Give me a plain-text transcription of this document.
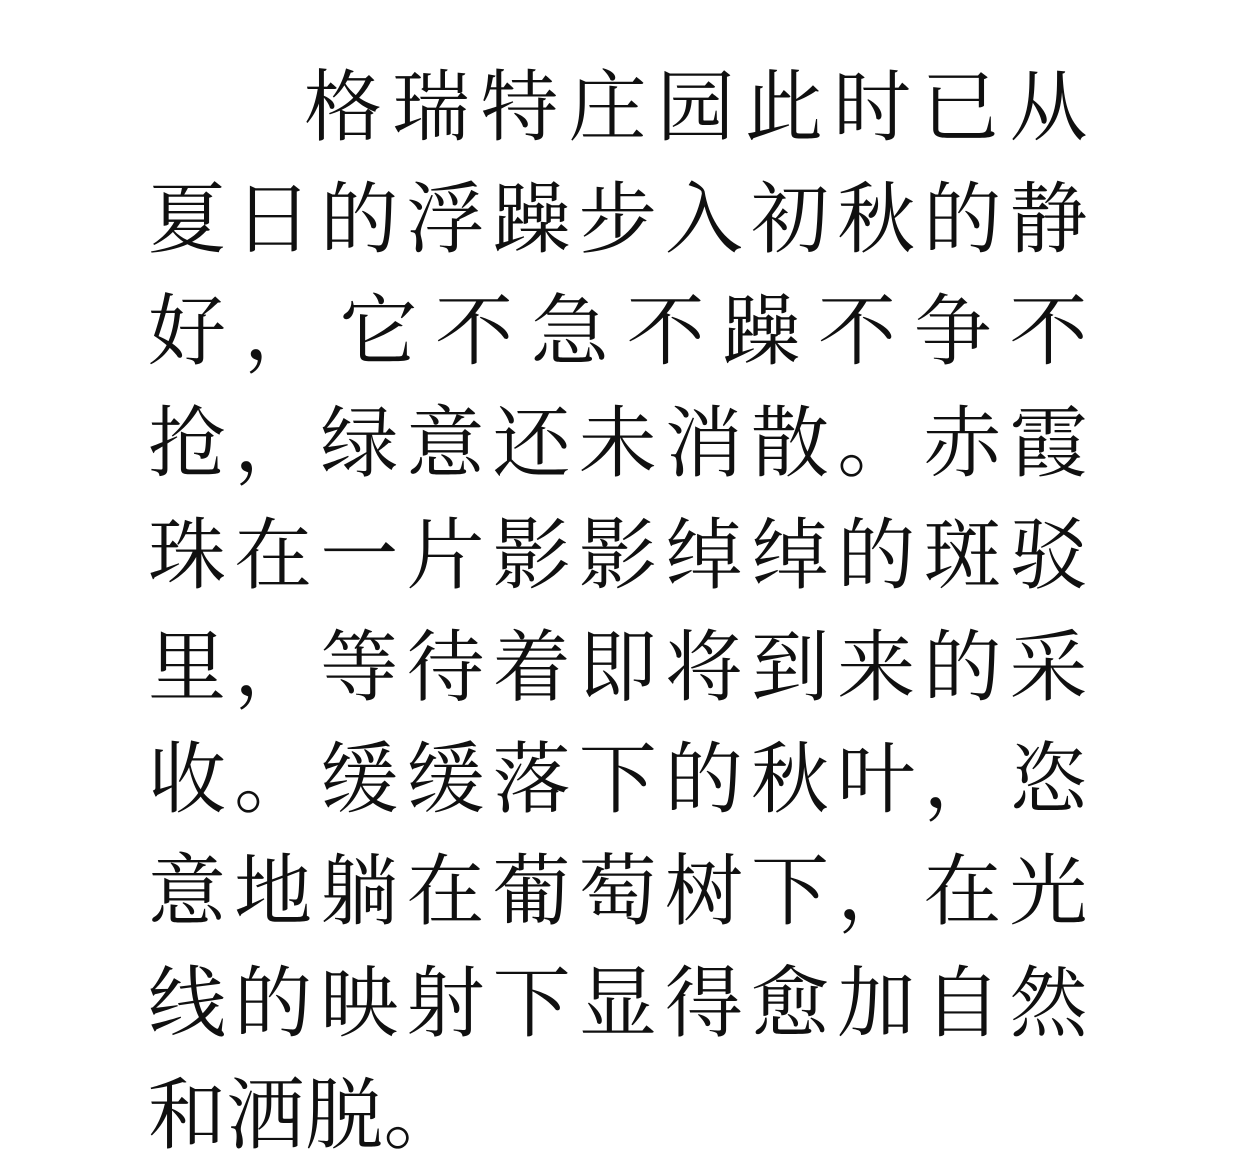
格瑞特庄园此时已从夏日的浮躁步入初秋的静好，它不急不躁不争不抢，绿意还未消散。赤霞珠在一片影影绰绰的斑驳里，等待着即将到来的采收。缓缓落下的秋叶，恣意地躺在葡萄树下，在光线的映射下显得愈加自然和洒脱。
